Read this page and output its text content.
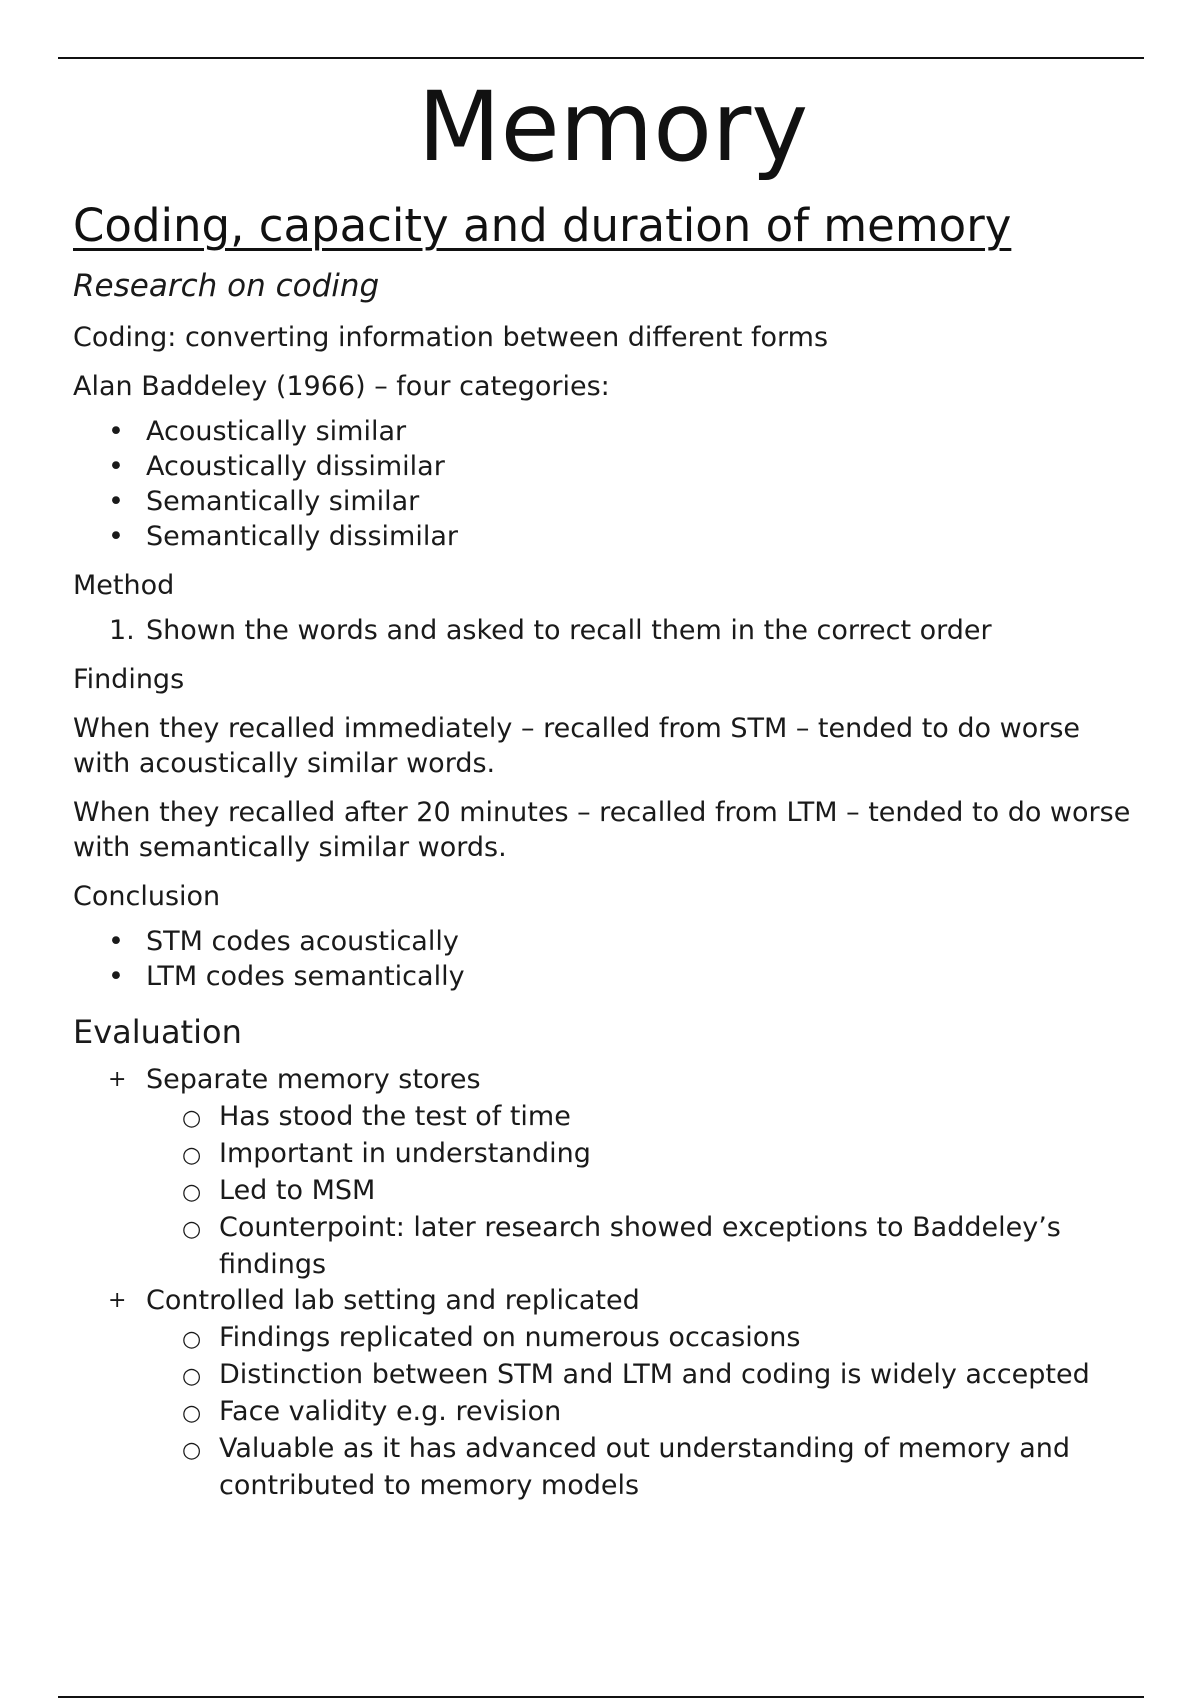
Memory
Coding, capacity and duration of memory
Research on coding

Coding: converting information between different forms

Alan Baddeley (1966) – four categories:

• Acoustically similar
• Acoustically dissimilar
• Semantically similar
• Semantically dissimilar

Method

1. Shown the words and asked to recall them in the correct order

Findings

When they recalled immediately – recalled from STM – tended to do worse with acoustically similar words.

When they recalled after 20 minutes – recalled from LTM – tended to do worse with semantically similar words.

Conclusion

• STM codes acoustically
• LTM codes semantically
Evaluation
+ Separate memory stores
○ Has stood the test of time
○ Important in understanding
○ Led to MSM
○ Counterpoint: later research showed exceptions to Baddeley’s findings
+ Controlled lab setting and replicated
○ Findings replicated on numerous occasions
○ Distinction between STM and LTM and coding is widely accepted
○ Face validity e.g. revision
○ Valuable as it has advanced out understanding of memory and contributed to memory models
